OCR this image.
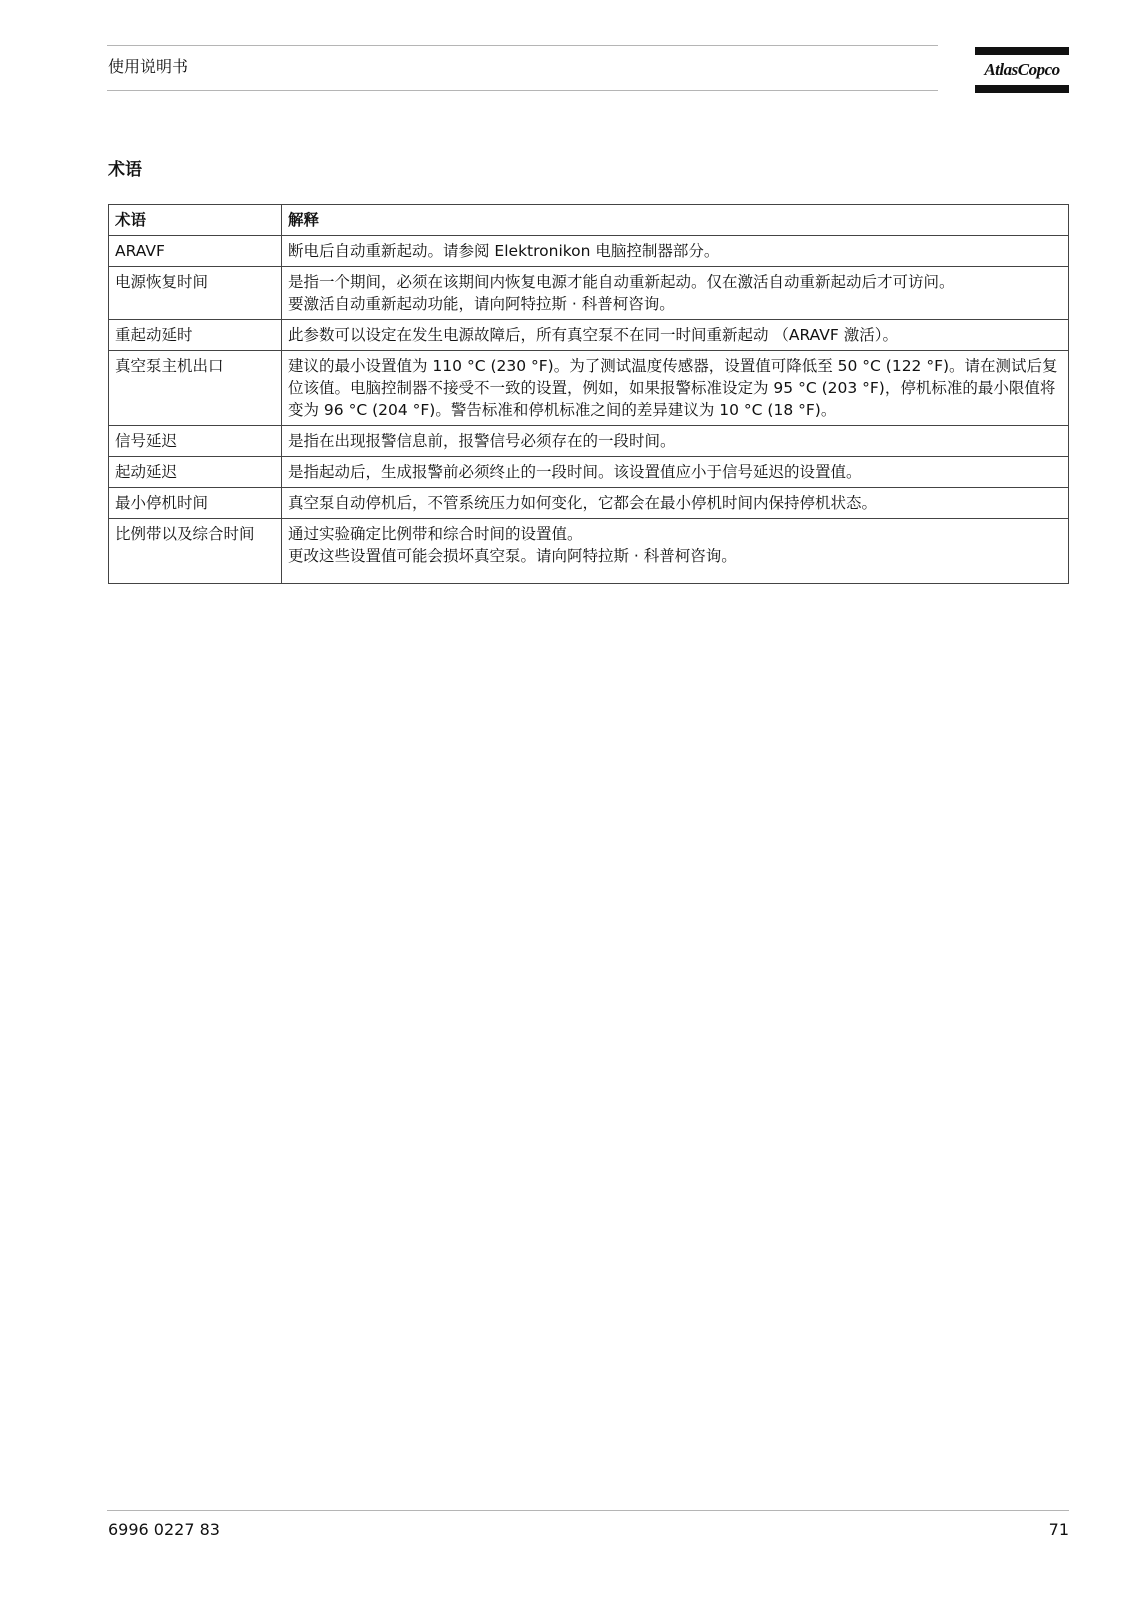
使用说明书	AtlasCopco
术语
术语	解释
ARAVF	断电后自动重新起动。请参阅 Elektronikon 电脑控制器部分。

电源恢复时间	是指一个期间，必须在该期间内恢复电源才能自动重新起动。仅在激活自动重新起动后才可访问。
要激活自动重新起动功能，请向阿特拉斯 · 科普柯咨询。

重起动延时	此参数可以设定在发生电源故障后，所有真空泵不在同一时间重新起动 （ARAVF 激活）。

真空泵主机出口	建议的最小设置值为 110 °C (230 °F)。为了测试温度传感器，设置值可降低至 50 °C (122 °F)。请在测试后复位该值。电脑控制器不接受不一致的设置，例如，如果报警标准设定为 95 °C (203 °F)，停机标准的最小限值将变为 96 °C (204 °F)。警告标准和停机标准之间的差异建议为 10 °C (18 °F)。

信号延迟	是指在出现报警信息前，报警信号必须存在的一段时间。

起动延迟	是指起动后，生成报警前必须终止的一段时间。该设置值应小于信号延迟的设置值。

最小停机时间	真空泵自动停机后，不管系统压力如何变化，它都会在最小停机时间内保持停机状态。

比例带以及综合时间	通过实验确定比例带和综合时间的设置值。
更改这些设置值可能会损坏真空泵。请向阿特拉斯 · 科普柯咨询。
6996 0227 83	71
